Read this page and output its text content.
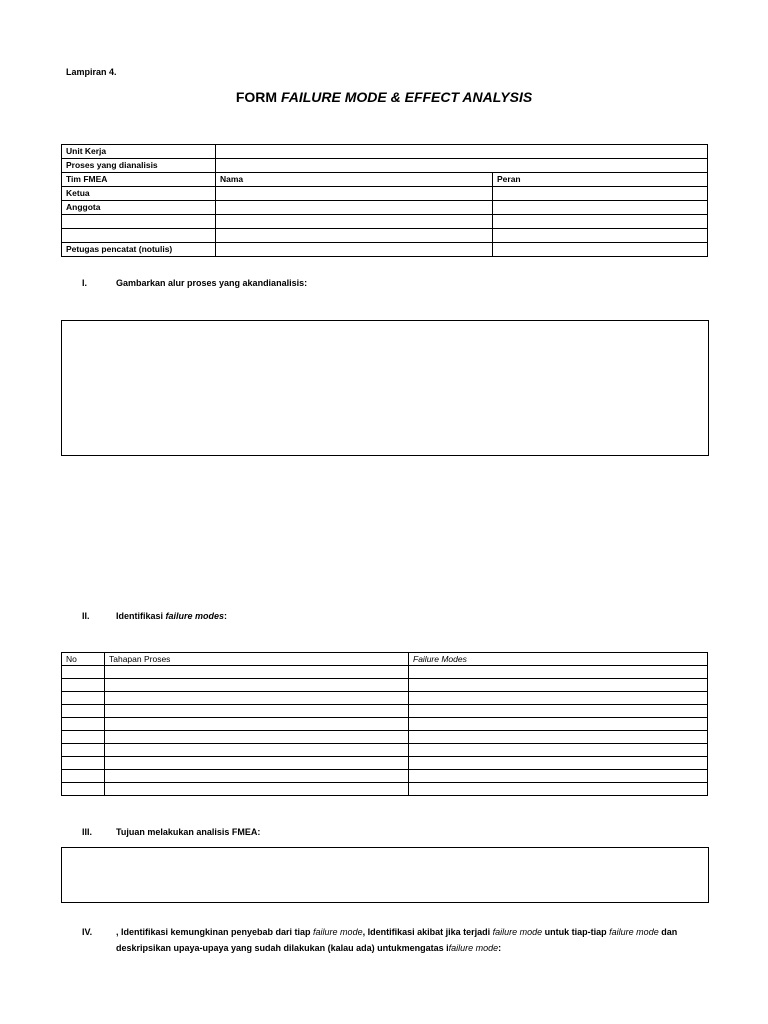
Lampiran 4.
FORM FAILURE MODE & EFFECT ANALYSIS
Unit Kerja		
Proses yang dianalisis		
Tim FMEA	Nama	Peran
Ketua		
Anggota		

Petugas pencatat (notulis)		
I.	Gambarkan alur proses yang akandianalisis:
II.	Identifikasi failure modes:
No	Tahapan Proses	Failure Modes

III.	Tujuan melakukan analisis FMEA:
IV.	, Identifikasi kemungkinan penyebab dari tiap failure mode, Identifikasi akibat jika terjadi failure mode untuk tiap-tiap failure mode dan deskripsikan upaya-upaya yang sudah dilakukan (kalau ada) untukmengatas ifailure mode:
